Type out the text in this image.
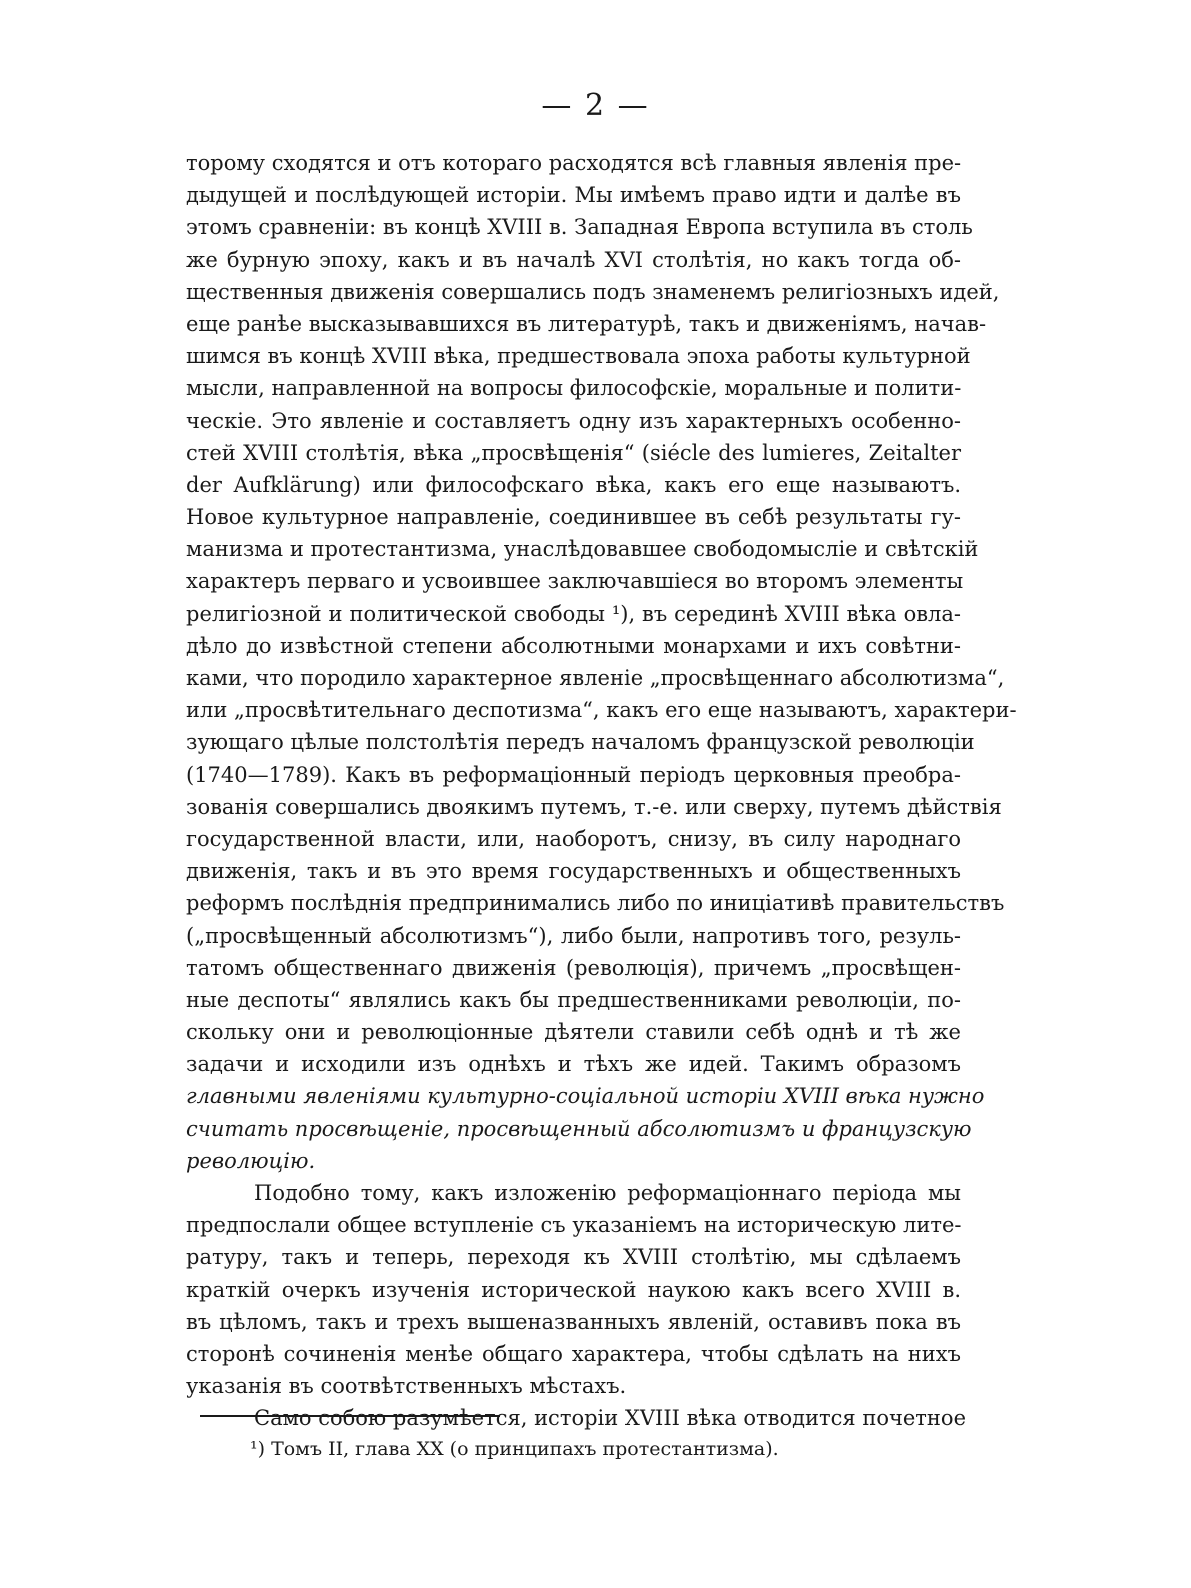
— 2 —
торому сходятся и отъ котораго расходятся всѣ главныя явленія пре-
дыдущей и послѣдующей исторіи. Мы имѣемъ право идти и далѣе въ
этомъ сравненіи: въ концѣ XVIII в. Западная Европа вступила въ столь
же бурную эпоху, какъ и въ началѣ XVI столѣтія, но какъ тогда об-
щественныя движенія совершались подъ знаменемъ религіозныхъ идей,
еще ранѣе высказывавшихся въ литературѣ, такъ и движеніямъ, начав-
шимся въ концѣ XVIII вѣка, предшествовала эпоха работы культурной
мысли, направленной на вопросы философскіе, моральные и полити-
ческіе. Это явленіе и составляетъ одну изъ характерныхъ особенно-
стей XVIII столѣтія, вѣка „просвѣщенія“ (siécle des lumieres, Zeitalter
der Aufklärung) или философскаго вѣка, какъ его еще называютъ.
Новое культурное направленіе, соединившее въ себѣ результаты гу-
манизма и протестантизма, унаслѣдовавшее свободомысліе и свѣтскій
характеръ перваго и усвоившее заключавшіеся во второмъ элементы
религіозной и политической свободы ¹), въ серединѣ XVIII вѣка овла-
дѣло до извѣстной степени абсолютными монархами и ихъ совѣтни-
ками, что породило характерное явленіе „просвѣщеннаго абсолютизма“,
или „просвѣтительнаго деспотизма“, какъ его еще называютъ, характери-
зующаго цѣлые полстолѣтія передъ началомъ французской революціи
(1740—1789). Какъ въ реформаціонный періодъ церковныя преобра-
зованія совершались двоякимъ путемъ, т.-е. или сверху, путемъ дѣйствія
государственной власти, или, наоборотъ, снизу, въ силу народнаго
движенія, такъ и въ это время государственныхъ и общественныхъ
реформъ послѣднія предпринимались либо по иниціативѣ правительствъ
(„просвѣщенный абсолютизмъ“), либо были, напротивъ того, резуль-
татомъ общественнаго движенія (революція), причемъ „просвѣщен-
ные деспоты“ являлись какъ бы предшественниками революціи, по-
скольку они и революціонные дѣятели ставили себѣ однѣ и тѣ же
задачи и исходили изъ однѣхъ и тѣхъ же идей. Такимъ образомъ
главными явленіями культурно-соціальной исторіи XVIII вѣка нужно
считать просвѣщеніе, просвѣщенный абсолютизмъ и французскую
революцію.
Подобно тому, какъ изложенію реформаціоннаго періода мы
предпослали общее вступленіе съ указаніемъ на историческую лите-
ратуру, такъ и теперь, переходя къ XVIII столѣтію, мы сдѣлаемъ
краткій очеркъ изученія исторической наукою какъ всего XVIII в.
въ цѣломъ, такъ и трехъ вышеназванныхъ явленій, оставивъ пока въ
сторонѣ сочиненія менѣе общаго характера, чтобы сдѣлать на нихъ
указанія въ соотвѣтственныхъ мѣстахъ.
Само собою разумѣется, исторіи XVIII вѣка отводится почетное
¹) Томъ II, глава XX (о принципахъ протестантизма).
